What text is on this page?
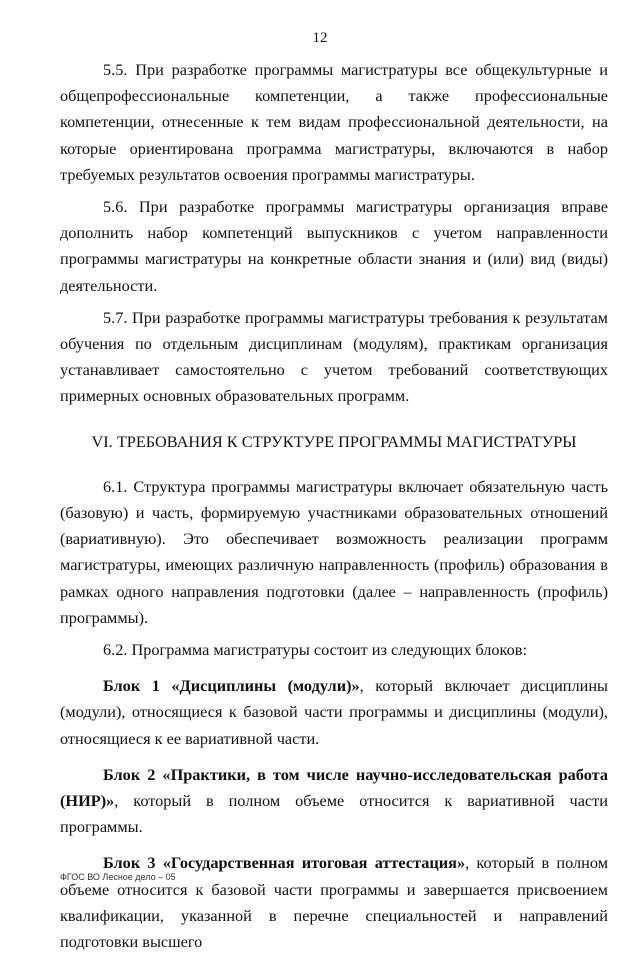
12

5.5. При разработке программы магистратуры все общекультурные и общепрофессиональные компетенции, а также профессиональные компетенции, отнесенные к тем видам профессиональной деятельности, на которые ориентирована программа магистратуры, включаются в набор требуемых результатов освоения программы магистратуры.

5.6. При разработке программы магистратуры организация вправе дополнить набор компетенций выпускников с учетом направленности программы магистратуры на конкретные области знания и (или) вид (виды) деятельности.

5.7. При разработке программы магистратуры требования к результатам обучения по отдельным дисциплинам (модулям), практикам организация устанавливает самостоятельно с учетом требований соответствующих примерных основных образовательных программ.

VI. ТРЕБОВАНИЯ К СТРУКТУРЕ ПРОГРАММЫ МАГИСТРАТУРЫ

6.1. Структура программы магистратуры включает обязательную часть (базовую) и часть, формируемую участниками образовательных отношений (вариативную). Это обеспечивает возможность реализации программ магистратуры, имеющих различную направленность (профиль) образования в рамках одного направления подготовки (далее – направленность (профиль) программы).

6.2. Программа магистратуры состоит из следующих блоков:

Блок 1 «Дисциплины (модули)», который включает дисциплины (модули), относящиеся к базовой части программы и дисциплины (модули), относящиеся к ее вариативной части.

Блок 2 «Практики, в том числе научно-исследовательская работа (НИР)», который в полном объеме относится к вариативной части программы.

Блок 3 «Государственная итоговая аттестация», который в полном объеме относится к базовой части программы и завершается присвоением квалификации, указанной в перечне специальностей и направлений подготовки высшего

ФГОС ВО Лесное дело – 05
